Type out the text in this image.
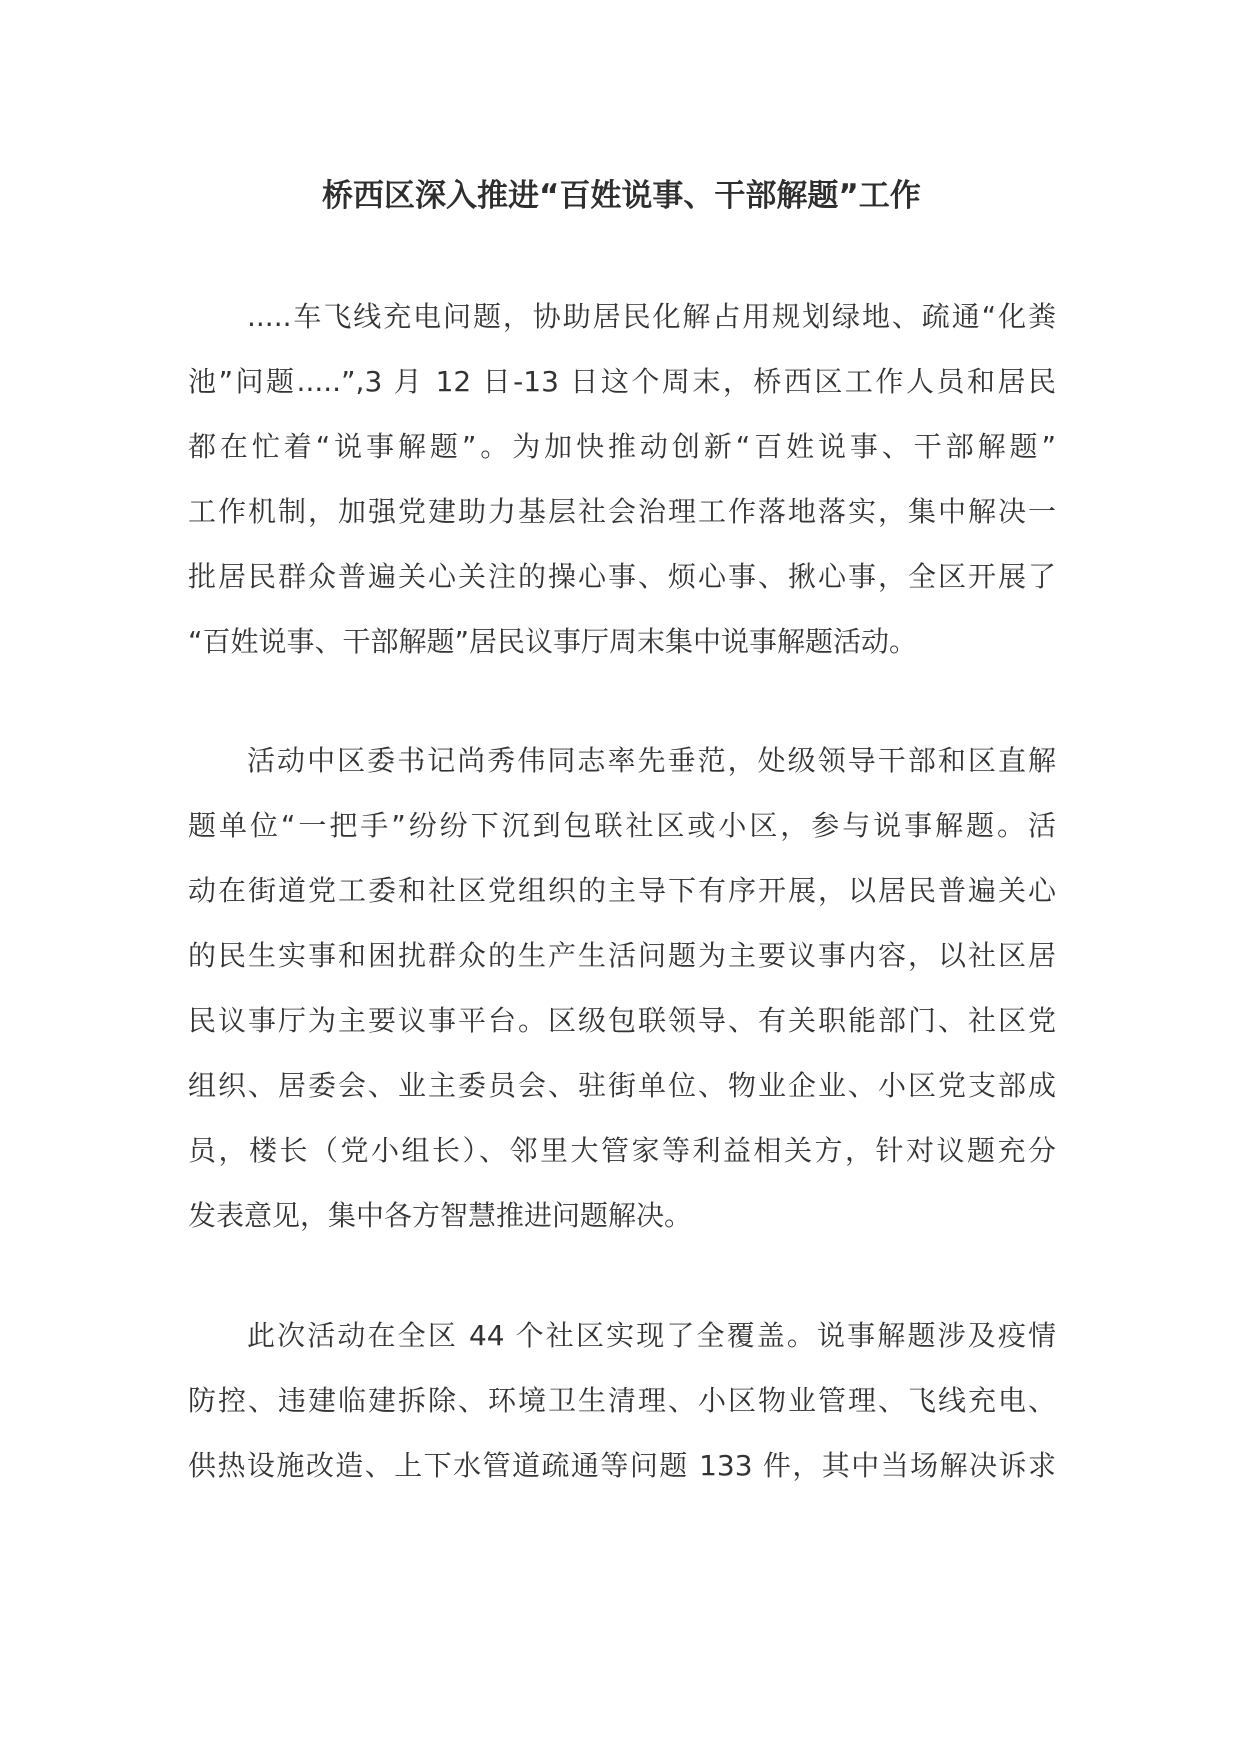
桥西区深入推进“百姓说事、干部解题”工作
.....车飞线充电问题，协助居民化解占用规划绿地、疏通“化粪
池”问题.....”,3 月 12 日-13 日这个周末，桥西区工作人员和居民
都在忙着“说事解题”。为加快推动创新“百姓说事、干部解题”
工作机制，加强党建助力基层社会治理工作落地落实，集中解决一
批居民群众普遍关心关注的操心事、烦心事、揪心事，全区开展了
“百姓说事、干部解题”居民议事厅周末集中说事解题活动。
活动中区委书记尚秀伟同志率先垂范，处级领导干部和区直解
题单位“一把手”纷纷下沉到包联社区或小区，参与说事解题。活
动在街道党工委和社区党组织的主导下有序开展，以居民普遍关心
的民生实事和困扰群众的生产生活问题为主要议事内容，以社区居
民议事厅为主要议事平台。区级包联领导、有关职能部门、社区党
组织、居委会、业主委员会、驻街单位、物业企业、小区党支部成
员，楼长（党小组长）、邻里大管家等利益相关方，针对议题充分
发表意见，集中各方智慧推进问题解决。
此次活动在全区 44 个社区实现了全覆盖。说事解题涉及疫情
防控、违建临建拆除、环境卫生清理、小区物业管理、飞线充电、
供热设施改造、上下水管道疏通等问题 133 件，其中当场解决诉求
